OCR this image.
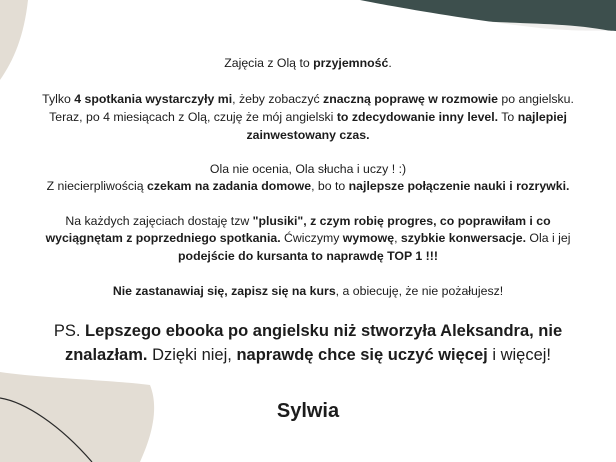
Zajęcia z Olą to przyjemność.
Tylko 4 spotkania wystarczyły mi, żeby zobaczyć znaczną poprawę w rozmowie po angielsku.
Teraz, po 4 miesiącach z Olą, czuję że mój angielski to zdecydowanie inny level. To najlepiej
zainwestowany czas.
Ola nie ocenia, Ola słucha i uczy ! :)
Z niecierpliwością czekam na zadania domowe, bo to najlepsze połączenie nauki i rozrywki.
Na każdych zajęciach dostaję tzw "plusiki", z czym robię progres, co poprawiłam i co
wyciągnętam z poprzedniego spotkania. Ćwiczymy wymowę, szybkie konwersacje. Ola i jej
podejście do kursanta to naprawdę TOP 1 !!!
Nie zastanawiaj się, zapisz się na kurs, a obiecuję, że nie pożałujesz!
PS. Lepszego ebooka po angielsku niż stworzyła Aleksandra, nie
znalazłam. Dzięki niej, naprawdę chce się uczyć więcej i więcej!
Sylwia
